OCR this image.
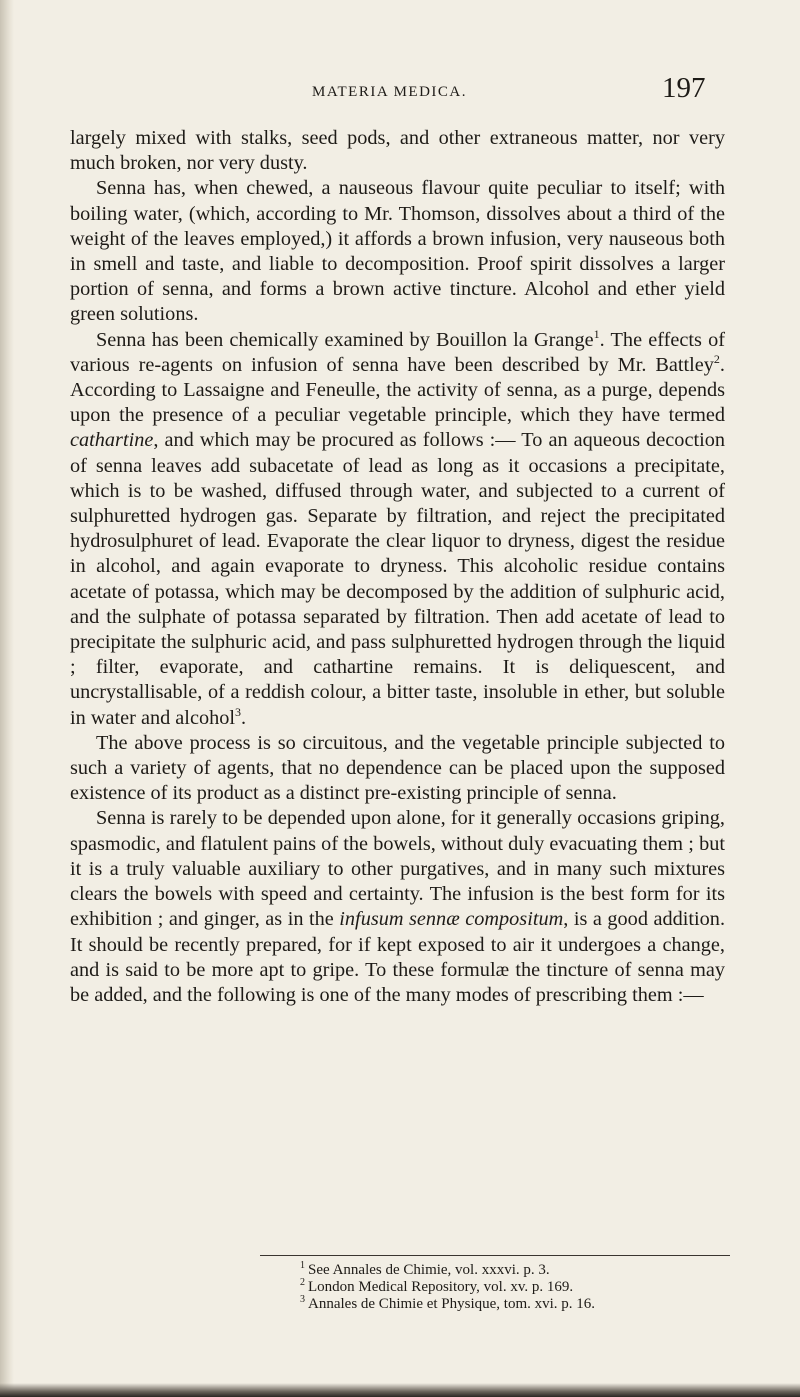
MATERIA MEDICA.	197

largely mixed with stalks, seed pods, and other extraneous matter, nor very much broken, nor very dusty.

Senna has, when chewed, a nauseous flavour quite peculiar to itself; with boiling water, (which, according to Mr. Thomson, dissolves about a third of the weight of the leaves employed,) it affords a brown infusion, very nauseous both in smell and taste, and liable to decomposition. Proof spirit dissolves a larger portion of senna, and forms a brown active tincture. Alcohol and ether yield green solutions.

Senna has been chemically examined by Bouillon la Grange$^1$. The effects of various re-agents on infusion of senna have been described by Mr. Battley$^2$. According to Lassaigne and Feneulle, the activity of senna, as a purge, depends upon the presence of a peculiar vegetable principle, which they have termed cathartine, and which may be procured as follows :— To an aqueous decoction of senna leaves add subacetate of lead as long as it occasions a precipitate, which is to be washed, diffused through water, and subjected to a current of sulphuretted hydrogen gas. Separate by filtration, and reject the precipitated hydrosulphuret of lead. Evaporate the clear liquor to dryness, digest the residue in alcohol, and again evaporate to dryness. This alcoholic residue contains acetate of potassa, which may be decomposed by the addition of sulphuric acid, and the sulphate of potassa separated by filtration. Then add acetate of lead to precipitate the sulphuric acid, and pass sulphuretted hydrogen through the liquid ; filter, evaporate, and cathartine remains. It is deliquescent, and uncrystallisable, of a reddish colour, a bitter taste, insoluble in ether, but soluble in water and alcohol$^3$.

The above process is so circuitous, and the vegetable principle subjected to such a variety of agents, that no dependence can be placed upon the supposed existence of its product as a distinct pre-existing principle of senna.

Senna is rarely to be depended upon alone, for it generally occasions griping, spasmodic, and flatulent pains of the bowels, without duly evacuating them ; but it is a truly valuable auxiliary to other purgatives, and in many such mixtures clears the bowels with speed and certainty. The infusion is the best form for its exhibition ; and ginger, as in the infusum sennæ compositum, is a good addition. It should be recently prepared, for if kept exposed to air it undergoes a change, and is said to be more apt to gripe. To these formulæ the tincture of senna may be added, and the following is one of the many modes of prescribing them :—

$^1$ See Annales de Chimie, vol. xxxvi. p. 3.
$^2$ London Medical Repository, vol. xv. p. 169.
$^3$ Annales de Chimie et Physique, tom. xvi. p. 16.
